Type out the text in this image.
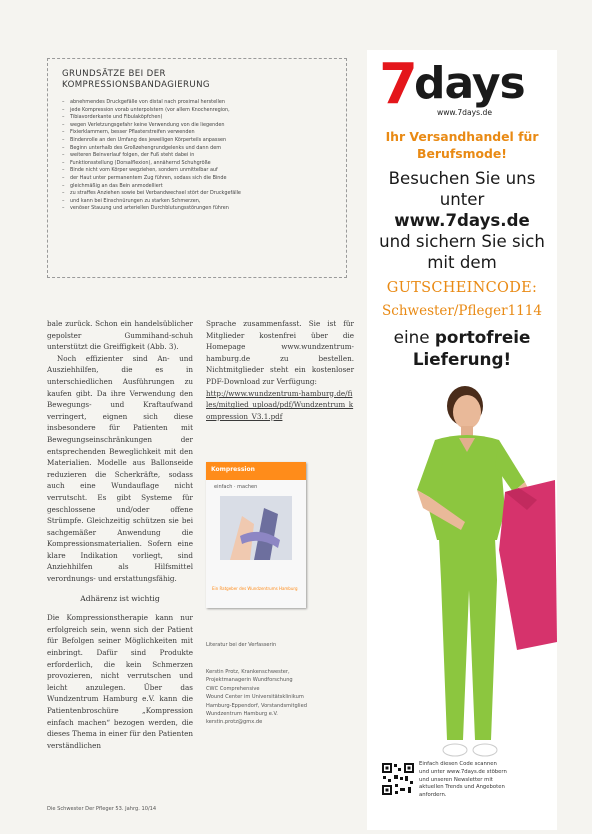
GRUNDSÄTZE BEI DER
KOMPRESSIONSBANDAGIERUNG
– abnehmendes Druckgefälle von distal nach proximal herstellen
– jede Kompression vorab unterpolstern (vor allem Knochenregion,
– Tibiavorderkante und Fibulaköpfchen)
– wegen Verletzungsgefahr keine Verwendung von die liegenden
– Fixierklammern, besser Pflasterstreifen verwenden
– Bindenrolle an den Umfang des jeweiligen Körperteils anpassen
– Beginn unterhalb des Großzehengrundgelenks und dann dem
– weiteren Beinverlauf folgen, der Fuß steht dabei in
– Funktionsstellung (Dorsalflexion), annähernd Schuhgröße
– Binde nicht vom Körper wegziehen, sondern unmittelbar auf
– der Haut unter permanentem Zug führen, sodass sich die Binde
– gleichmäßig an das Bein anmodelliert
– zu straffes Anziehen sowie bei Verbandwechsel stört der Druckgefälle
– und kann bei Einschnürungen zu starken Schmerzen,
– venöser Stauung und arteriellen Durchblutungsstörungen führen

bale zurück. Schon ein handelsüblicher gepolster Gummihand-schuh unterstützt die Greiffigkeit (Abb. 3).

Noch effizienter sind An- und Ausziehhilfen, die es in unterschiedlichen Ausführungen zu kaufen gibt. Da ihre Verwendung den Bewegungs- und Kraftaufwand verringert, eignen sich diese insbesondere für Patienten mit Bewegungseinschränkungen der entsprechenden Beweglichkeit mit den Materialien. Modelle aus Ballonseide reduzieren die Scherkräfte, sodass auch eine Wundauflage nicht verrutscht. Es gibt Systeme für geschlossene und/oder offene Strümpfe. Gleichzeitig schützen sie bei sachgemäßer Anwendung die Kompressionsmaterialien. Sofern eine klare Indikation vorliegt, sind Anziehhilfen als Hilfsmittel verordnungs- und erstattungsfähig.

Adhärenz ist wichtig

Die Kompressionstherapie kann nur erfolgreich sein, wenn sich der Patient für Befolgen seiner Möglichkeiten mit einbringt. Dafür sind Produkte erforderlich, die kein Schmerzen provozieren, nicht verrutschen und leicht anzulegen. Über das Wundzentrum Hamburg e.V. kann die Patientenbroschüre „Kompression einfach machen“ bezogen werden, die dieses Thema in einer für den Patienten verständlichen

Sprache zusammenfasst. Sie ist für Mitglieder kostenfrei über die Homepage www.wundzentrum-hamburg.de zu bestellen. Nichtmitglieder steht ein kostenloser PDF-Download zur Verfügung:

http://www.wundzentrum-hamburg.de/files/mitglied_upload/pdf/Wundzentrum_kompression_V3.1.pdf

Kompression
einfach · machen
Ein Ratgeber des Wundzentrums Hamburg
Literatur bei der Verfasserin

Kerstin Protz, Krankenschwester,

Projektmanagerin Wundforschung

CWC Comprehensive

Wound Center im Universitätsklinikum

Hamburg-Eppendorf, Vorstandsmitglied

Wundzentrum Hamburg e.V.

kerstin.protz@gmx.de

Die Schwester Der Pfleger 53. Jahrg. 10/14
7
days
www.7days.de
Ihr Versandhandel für
Berufsmode!
Besuchen Sie uns
unter
www.7days.de
und sichern Sie sich
mit dem
GUTSCHEINCODE:
Schwester/Pfleger1114
eine portofreie
Lieferung!

Einfach diesen Code scannen

und unter www.7days.de stöbern

und unseren Newsletter mit

aktuellen Trends und Angeboten

anfordern.
